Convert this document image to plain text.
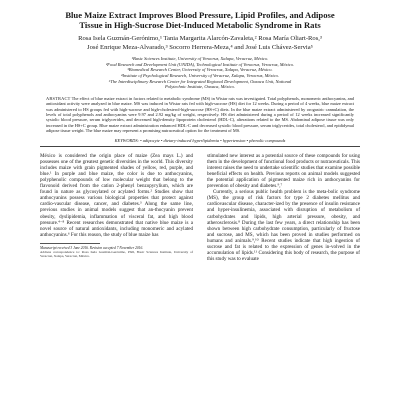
Blue Maize Extract Improves Blood Pressure, Lipid Profiles, and Adipose
Tissue in High-Sucrose Diet-Induced Metabolic Syndrome in Rats
Rosa Isela Guzmán-Gerónimo,¹ Tania Margarita Alarcón-Zavaleta,² Rosa María Oliart-Ros,³
José Enrique Meza-Alvarado,³ Socorro Herrera-Meza,⁴ and José Luis Chávez-Servia⁵
¹Basic Sciences Institute, University of Veracruz, Xalapa, Veracruz, México.
²Food Research and Development Unit (UNIDA), Technological Institute of Veracruz, Veracruz, México.
³Biomedical Research Center, University of Veracruz, Xalapa, Veracruz, México.
⁴Institute of Psychological Research, University of Veracruz, Xalapa, Veracruz, México.
⁵The Interdisciplinary Research Center for Integrated Regional Development, Oaxaca Unit, National
Polytechnic Institute, Oaxaca, México.
ABSTRACT The effect of blue maize extract in factors related to metabolic syndrome (MS) in Wistar rats was investigated. Total polyphenols, monomeric anthocyanins, and antioxidant activity were analyzed in blue maize. MS was induced in Wistar rats fed with high-sucrose (HS) diet for 12 weeks. During a period of 4 weeks, blue maize extract was administered to HS groups fed with high-sucrose and high-cholesterol-high-sucrose (HS+C) diets. In the blue maize extract administered by orogastric cannulation, the levels of total polyphenols and anthocyanins were 9.97 and 2.92 mg/kg of weight, respectively. HS diet administered during a period of 12 weeks increased significantly systolic blood pressure, serum triglycerides, and decreased high-density lipoprotein cholesterol (HDL-C), alterations related to the MS. Abdominal adipose tissue was only increased in the HS+C group. Blue maize extract administration enhanced HDL-C and decreased systolic blood pressure, serum triglycerides, total cholesterol, and epididymal adipose tissue weight. The blue maize may represent a promising nutraceutical option for the treatment of MS.
KEYWORDS: • adipocyte • dietary-induced hyperlipidemia • hypertension • phenolic compounds

México is considered the origin place of maize (Zea mays L.) and possesses one of the greatest genetic diversities in the world. This diversity includes maize with grain pigmented shades of yellow, red, purple, and blue.¹ In purple and blue maize, the color is due to anthocyanins, polyphenolic compounds of low molecular weight that belong to the flavonoid derived from the cation 2-phenyl benzopyrylium, which are found in nature as glycosylated or acylated forms.² Studies show that anthocyanins possess various biological properties that protect against cardio-vascular disease, cancer, and diabetes.³ Along the same line, previous studies in animal models suggest that an-thocyanin prevent obesity, dyslipidemia, inflammation of visceral fat, and high blood pressure.⁴⁻⁸ Recent researches demonstrated that native blue maize is a novel source of natural antioxidants, including monomeric and acylated anthocyanins.⁶ For this reason, the study of blue maize has

Manuscript received 3 June 2016. Revision accepted 7 November 2016.
Address correspondence to: Rosa Isela Guzmán-Gerónimo, PhD, Basic Sciences Institute, University of Veracruz, Xalapa, Veracruz, México.

stimulated new interest as a potential source of these compounds for using them in the development of functional food products or nutraceuticals. This interest raises the need to undertake scientific studies that examine possible beneficial effects on health. Previous reports on animal models suggested the potential application of pigmented maize rich in anthocyanins for prevention of obesity and diabetes.⁹,⁷

Currently, a serious public health problem is the meta-bolic syndrome (MS), the group of risk factors for type 2 diabetes mellitus and cardiovascular disease, character-ized by the presence of insulin resistance and hyper-insulinemia, associated with disruption of metabolism of carbohydrates and lipids, high arterial pressure, obesity, and atherosclerosis.⁸ During the last few years, a direct relationship has been shown between high carbohydrate consumption, particularly of fructose and sucrose, and MS, which has been proved in studies performed on humans and animals.⁹,¹⁰ Recent studies indicate that high ingestion of sucrose and fat is related to the expression of genes in-volved in the accumulation of lipids.¹¹ Considering this body of research, the purpose of this study was to evaluate
